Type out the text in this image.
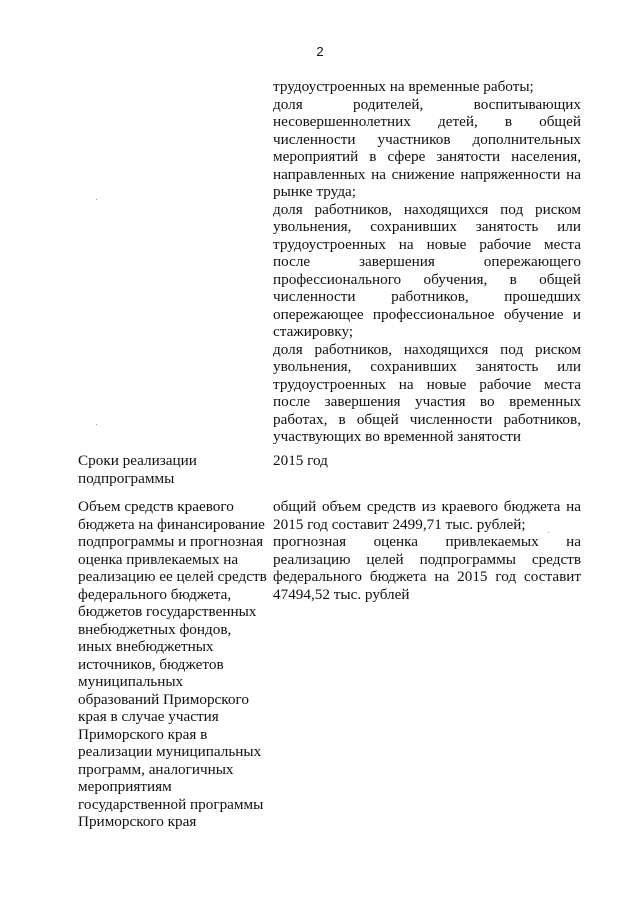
2

трудоустроенных на временные работы;

доля родителей, воспитывающих несовершеннолетних детей, в общей численности участников дополнительных мероприятий в сфере занятости населения, направленных на снижение напряженности на рынке труда;

доля работников, находящихся под риском увольнения, сохранивших занятость или трудоустроенных на новые рабочие места после завершения опережающего профессионального обучения, в общей численности работников, прошедших опережающее профессиональное обучение и стажировку;

доля работников, находящихся под риском увольнения, сохранивших занятость или трудоустроенных на новые рабочие места после завершения участия во временных работах, в общей численности работников, участвующих во временной занятости

Сроки реализации подпрограммы
2015 год
Объем средств краевого бюджета на финансирование подпрограммы и прогнозная оценка привлекаемых на реализацию ее целей средств федерального бюджета, бюджетов государственных внебюджетных фондов, иных внебюджетных источников, бюджетов муниципальных образований Приморского края в случае участия Приморского края в реализации муниципальных программ, аналогичных мероприятиям государственной программы Приморского края

общий объем средств из краевого бюджета на 2015 год составит 2499,71 тыс. рублей;

прогнозная оценка привлекаемых на реализацию целей подпрограммы средств федерального бюджета на 2015 год составит 47494,52 тыс. рублей
